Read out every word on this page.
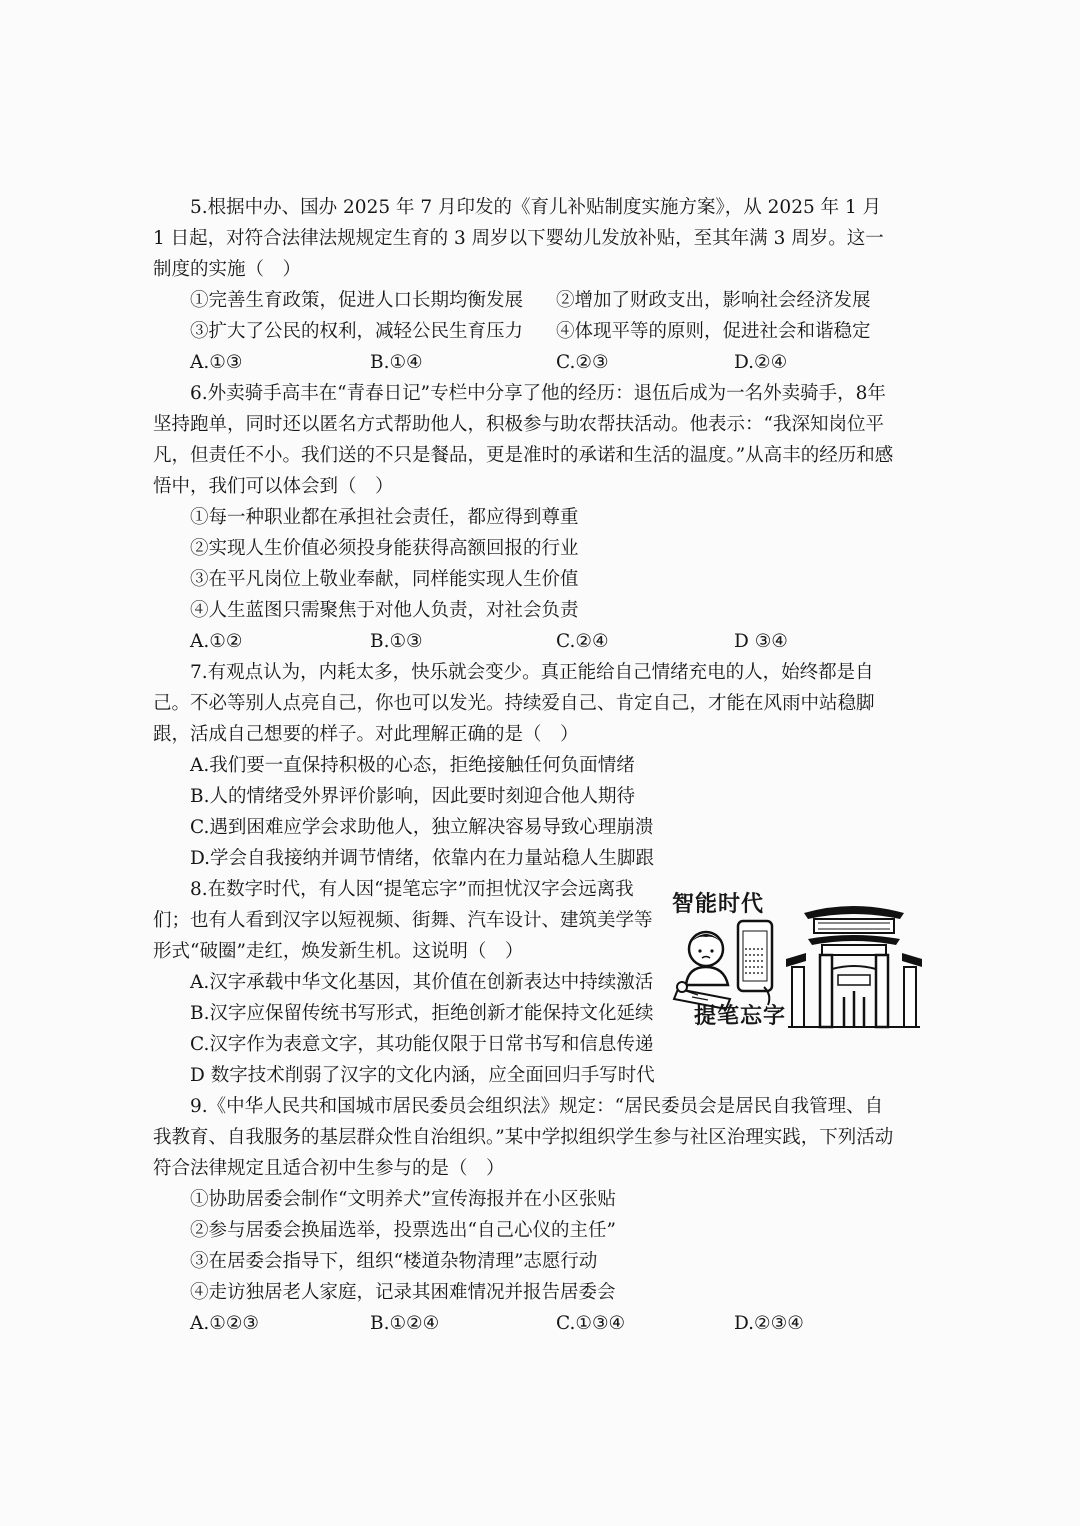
5.根据中办、国办 2025 年 7 月印发的《育儿补贴制度实施方案》，从 2025 年 1 月 1 日起，对符合法律法规规定生育的 3 周岁以下婴幼儿发放补贴，至其年满 3 周岁。这一制度的实施（　）

①完善生育政策，促进人口长期均衡发展	②增加了财政支出，影响社会经济发展
③扩大了公民的权利，减轻公民生育压力	④体现平等的原则，促进社会和谐稳定
A.①③	B.①④	C.②③	D.②④

6.外卖骑手高丰在“青春日记”专栏中分享了他的经历：退伍后成为一名外卖骑手，8年坚持跑单，同时还以匿名方式帮助他人，积极参与助农帮扶活动。他表示：“我深知岗位平凡，但责任不小。我们送的不只是餐品，更是准时的承诺和生活的温度。”从高丰的经历和感悟中，我们可以体会到（　）

①每一种职业都在承担社会责任，都应得到尊重

②实现人生价值必须投身能获得高额回报的行业

③在平凡岗位上敬业奉献，同样能实现人生价值

④人生蓝图只需聚焦于对他人负责，对社会负责

A.①②	B.①③	C.②④	D ③④

7.有观点认为，内耗太多，快乐就会变少。真正能给自己情绪充电的人，始终都是自己。不必等别人点亮自己，你也可以发光。持续爱自己、肯定自己，才能在风雨中站稳脚跟，活成自己想要的样子。对此理解正确的是（　）

A.我们要一直保持积极的心态，拒绝接触任何负面情绪

B.人的情绪受外界评价影响，因此要时刻迎合他人期待

C.遇到困难应学会求助他人，独立解决容易导致心理崩溃

D.学会自我接纳并调节情绪，依靠内在力量站稳人生脚跟

8.在数字时代，有人因“提笔忘字”而担忧汉字会远离我们；也有人看到汉字以短视频、街舞、汽车设计、建筑美学等形式“破圈”走红，焕发新生机。这说明（　）

A.汉字承载中华文化基因，其价值在创新表达中持续激活

B.汉字应保留传统书写形式，拒绝创新才能保持文化延续

C.汉字作为表意文字，其功能仅限于日常书写和信息传递

D 数字技术削弱了汉字的文化内涵，应全面回归手写时代

9.《中华人民共和国城市居民委员会组织法》规定：“居民委员会是居民自我管理、自我教育、自我服务的基层群众性自治组织。”某中学拟组织学生参与社区治理实践，下列活动符合法律规定且适合初中生参与的是（　）

①协助居委会制作“文明养犬”宣传海报并在小区张贴

②参与居委会换届选举，投票选出“自己心仪的主任”

③在居委会指导下，组织“楼道杂物清理”志愿行动

④走访独居老人家庭，记录其困难情况并报告居委会

A.①②③	B.①②④	C.①③④	D.②③④
智能时代
提笔忘字
